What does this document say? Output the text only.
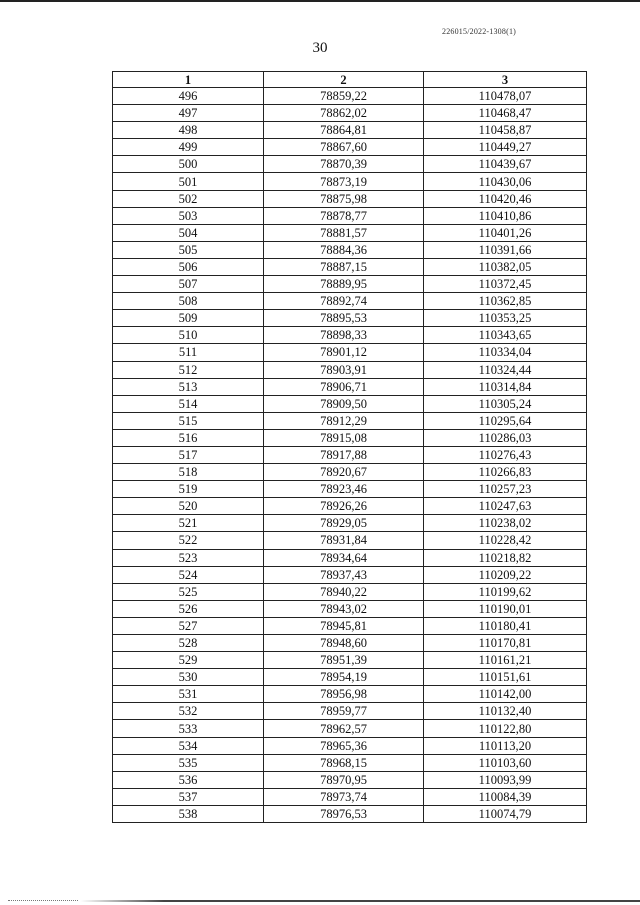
226015/2022-1308(1)
30
1	2	3
496	78859,22	110478,07
497	78862,02	110468,47
498	78864,81	110458,87
499	78867,60	110449,27
500	78870,39	110439,67
501	78873,19	110430,06
502	78875,98	110420,46
503	78878,77	110410,86
504	78881,57	110401,26
505	78884,36	110391,66
506	78887,15	110382,05
507	78889,95	110372,45
508	78892,74	110362,85
509	78895,53	110353,25
510	78898,33	110343,65
511	78901,12	110334,04
512	78903,91	110324,44
513	78906,71	110314,84
514	78909,50	110305,24
515	78912,29	110295,64
516	78915,08	110286,03
517	78917,88	110276,43
518	78920,67	110266,83
519	78923,46	110257,23
520	78926,26	110247,63
521	78929,05	110238,02
522	78931,84	110228,42
523	78934,64	110218,82
524	78937,43	110209,22
525	78940,22	110199,62
526	78943,02	110190,01
527	78945,81	110180,41
528	78948,60	110170,81
529	78951,39	110161,21
530	78954,19	110151,61
531	78956,98	110142,00
532	78959,77	110132,40
533	78962,57	110122,80
534	78965,36	110113,20
535	78968,15	110103,60
536	78970,95	110093,99
537	78973,74	110084,39
538	78976,53	110074,79
